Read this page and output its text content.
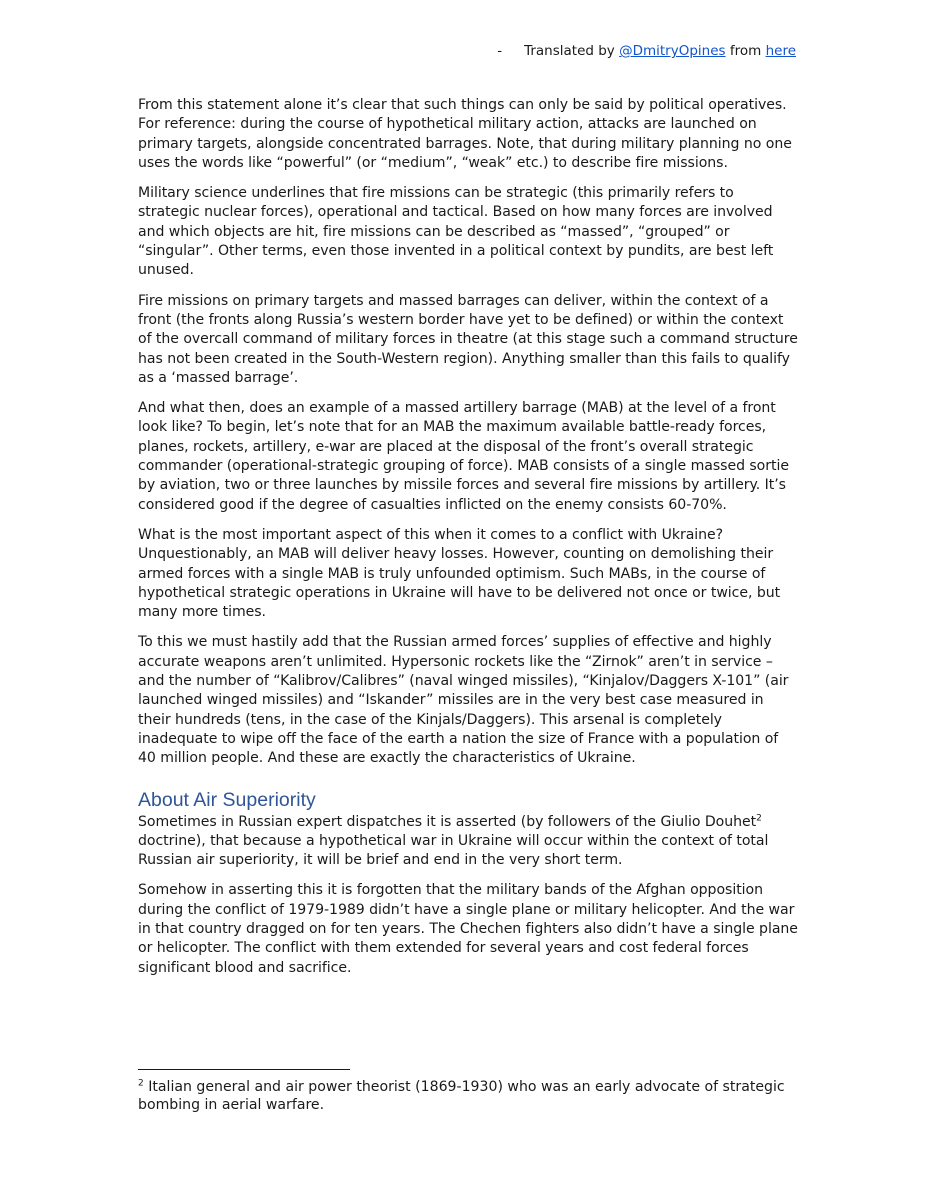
- Translated by @DmitryOpines from here

From this statement alone it’s clear that such things can only be said by political operatives. For reference: during the course of hypothetical military action, attacks are launched on primary targets, alongside concentrated barrages. Note, that during military planning no one uses the words like “powerful” (or “medium”, “weak” etc.) to describe fire missions.

Military science underlines that fire missions can be strategic (this primarily refers to strategic nuclear forces), operational and tactical. Based on how many forces are involved and which objects are hit, fire missions can be described as “massed”, “grouped” or “singular”. Other terms, even those invented in a political context by pundits, are best left unused.

Fire missions on primary targets and massed barrages can deliver, within the context of a front (the fronts along Russia’s western border have yet to be defined) or within the context of the overcall command of military forces in theatre (at this stage such a command structure has not been created in the South-Western region). Anything smaller than this fails to qualify as a ‘massed barrage’.

And what then, does an example of a massed artillery barrage (MAB) at the level of a front look like? To begin, let’s note that for an MAB the maximum available battle-ready forces, planes, rockets, artillery, e-war are placed at the disposal of the front’s overall strategic commander (operational-strategic grouping of force). MAB consists of a single massed sortie by aviation, two or three launches by missile forces and several fire missions by artillery. It’s considered good if the degree of casualties inflicted on the enemy consists 60-70%.

What is the most important aspect of this when it comes to a conflict with Ukraine? Unquestionably, an MAB will deliver heavy losses. However, counting on demolishing their armed forces with a single MAB is truly unfounded optimism. Such MABs, in the course of hypothetical strategic operations in Ukraine will have to be delivered not once or twice, but many more times.

To this we must hastily add that the Russian armed forces’ supplies of effective and highly accurate weapons aren’t unlimited. Hypersonic rockets like the “Zirnok” aren’t in service – and the number of “Kalibrov/Calibres” (naval winged missiles), “Kinjalov/Daggers X-101” (air launched winged missiles) and “Iskander” missiles are in the very best case measured in their hundreds (tens, in the case of the Kinjals/Daggers). This arsenal is completely inadequate to wipe off the face of the earth a nation the size of France with a population of 40 million people. And these are exactly the characteristics of Ukraine.

About Air Superiority

Sometimes in Russian expert dispatches it is asserted (by followers of the Giulio Douhet$^2$ doctrine), that because a hypothetical war in Ukraine will occur within the context of total Russian air superiority, it will be brief and end in the very short term.

Somehow in asserting this it is forgotten that the military bands of the Afghan opposition during the conflict of 1979-1989 didn’t have a single plane or military helicopter. And the war in that country dragged on for ten years. The Chechen fighters also didn’t have a single plane or helicopter. The conflict with them extended for several years and cost federal forces significant blood and sacrifice.

$^2$ Italian general and air power theorist (1869-1930) who was an early advocate of strategic bombing in aerial warfare.
